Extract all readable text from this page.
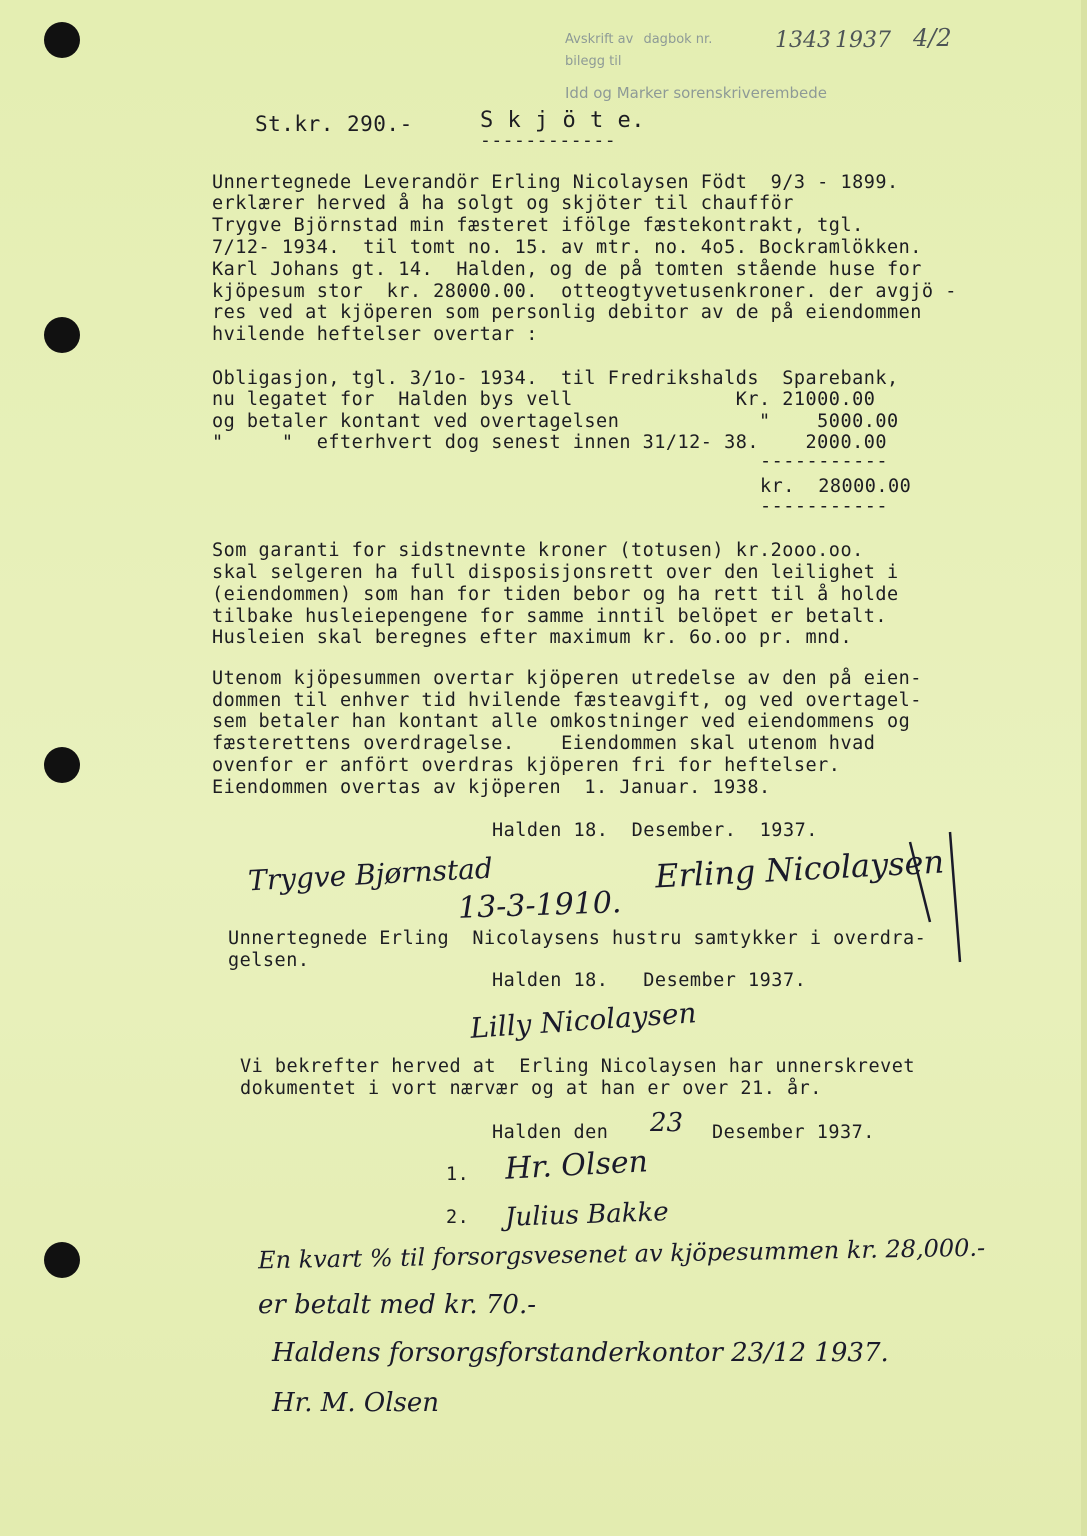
Avskrift av dagbok nr.	1343 1937 4/2
bilegg til
Idd og Marker sorenskriverembede
St.kr. 290.-	S k j ö t e.
------------
Unnertegnede Leverandör Erling Nicolaysen Födt  9/3 - 1899.
erklærer herved å ha solgt og skjöter til chaufför
Trygve Björnstad min fæsteret ifölge fæstekontrakt, tgl.
7/12- 1934.  til tomt no. 15. av mtr. no. 4o5. Bockramlökken.
Karl Johans gt. 14.  Halden, og de på tomten stående huse for
kjöpesum stor  kr. 28000.00.  otteogtyvetusenkroner. der avgjö -
res ved at kjöperen som personlig debitor av de på eiendommen
hvilende heftelser overtar :
Obligasjon, tgl. 3/1o- 1934.  til Fredrikshalds  Sparebank,
nu legatet for  Halden bys vell              Kr. 21000.00
og betaler kontant ved overtagelsen            "    5000.00
"     "  efterhvert dog senest innen 31/12- 38.    2000.00
-----------
kr.  28000.00
-----------
Som garanti for sidstnevnte kroner (totusen) kr.2ooo.oo.
skal selgeren ha full disposisjonsrett over den leilighet i
(eiendommen) som han for tiden bebor og ha rett til å holde
tilbake husleiepengene for samme inntil belöpet er betalt.
Husleien skal beregnes efter maximum kr. 6o.oo pr. mnd.
Utenom kjöpesummen overtar kjöperen utredelse av den på eien-
dommen til enhver tid hvilende fæsteavgift, og ved overtagel-
sem betaler han kontant alle omkostninger ved eiendommens og
fæsterettens overdragelse.    Eiendommen skal utenom hvad
ovenfor er anfört overdras kjöperen fri for heftelser.
Eiendommen overtas av kjöperen  1. Januar. 1938.
Halden 18.  Desember.  1937.
Trygve Bjørnstad
13-3-1910.
Erling Nicolaysen
Unnertegnede Erling  Nicolaysens hustru samtykker i overdra-
gelsen.
Halden 18.   Desember 1937.
Lilly Nicolaysen
Vi bekrefter herved at  Erling Nicolaysen har unnerskrevet
dokumentet i vort nærvær og at han er over 21. år.
Halden den 23 Desember 1937.
1. Hr. Olsen
2. Julius Bakke
En kvart % til forsorgsvesenet av kjöpesummen kr. 28,000.-
er betalt med kr. 70.-
Haldens forsorgsforstanderkontor 23/12 1937.
Hr. M. Olsen
